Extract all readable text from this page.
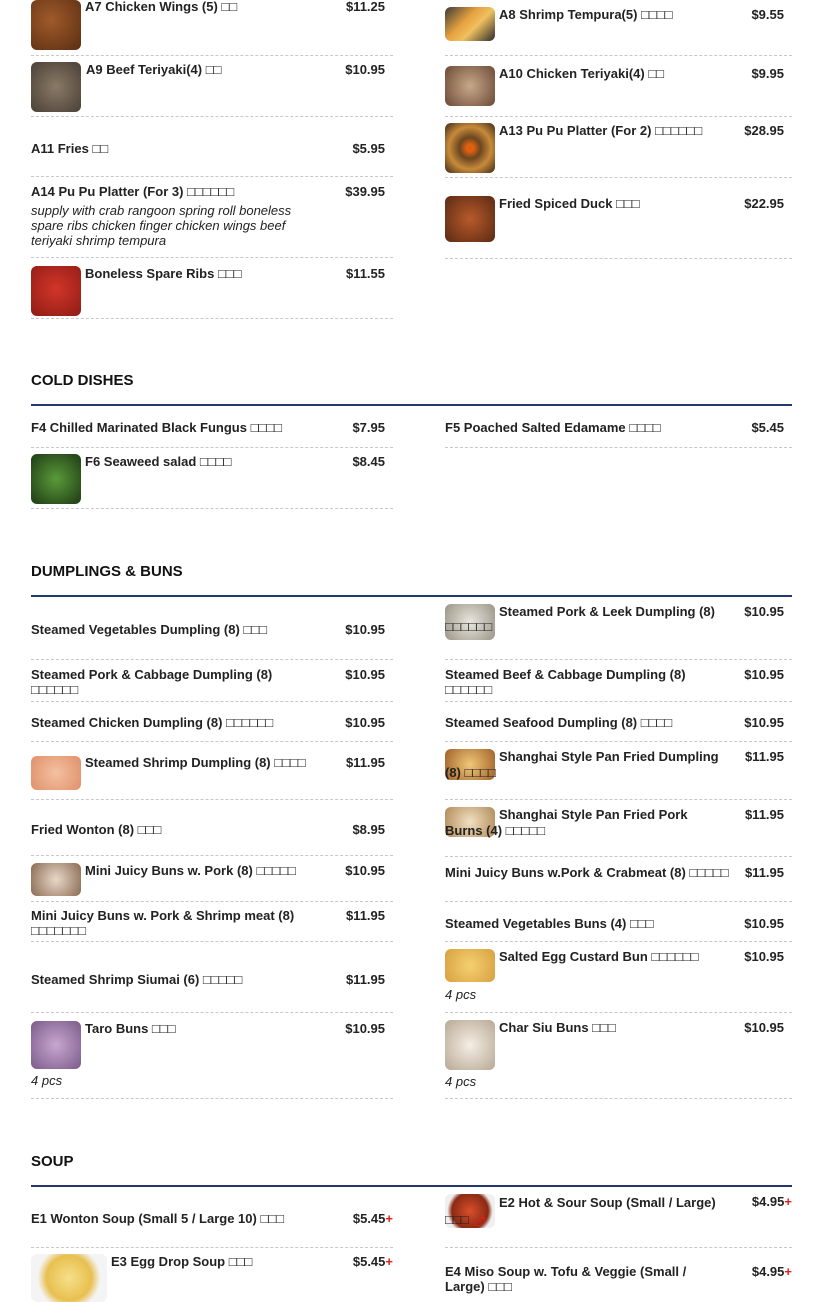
A7 Chicken Wings (5) □□	$11.25
A9 Beef Teriyaki(4) □□	$10.95
A11 Fries □□	$5.95
A14 Pu Pu Platter (For 3) □□□□□□	$39.95
supply with crab rangoon spring roll boneless spare ribs chicken finger chicken wings beef teriyaki shrimp tempura
Boneless Spare Ribs □□□	$11.55
A8 Shrimp Tempura(5) □□□□	$9.55
A10 Chicken Teriyaki(4) □□	$9.95
A13 Pu Pu Platter (For 2) □□□□□□	$28.95
Fried Spiced Duck □□□	$22.95
COLD DISHES
F4 Chilled Marinated Black Fungus □□□□	$7.95
F6 Seaweed salad □□□□	$8.45
F5 Poached Salted Edamame □□□□	$5.45
DUMPLINGS & BUNS
Steamed Vegetables Dumpling (8) □□□	$10.95
Steamed Pork & Cabbage Dumpling (8) □□□□□□
$10.95
Steamed Chicken Dumpling (8) □□□□□□	$10.95
Steamed Shrimp Dumpling (8) □□□□	$11.95
Fried Wonton (8) □□□	$8.95
Mini Juicy Buns w. Pork (8) □□□□□	$10.95
Mini Juicy Buns w. Pork & Shrimp meat (8) □□□□□□□
$11.95
Steamed Shrimp Siumai (6) □□□□□	$11.95
Taro Buns □□□	$10.95
4 pcs
Steamed Pork & Leek Dumpling (8) □□□□□□
$10.95
Steamed Beef & Cabbage Dumpling (8) □□□□□□
$10.95
Steamed Seafood Dumpling (8) □□□□	$10.95
Shanghai Style Pan Fried Dumpling (8) □□□□
$11.95
Shanghai Style Pan Fried Pork Burns (4) □□□□□
$11.95
Mini Juicy Buns w.Pork & Crabmeat (8) □□□□□ $11.95
Steamed Vegetables Buns (4) □□□	$10.95
Salted Egg Custard Bun □□□□□□	$10.95
4 pcs
Char Siu Buns □□□	$10.95
4 pcs
SOUP
E1 Wonton Soup (Small 5 / Large 10) □□□	$5.45+
E3 Egg Drop Soup □□□	$5.45+
E2 Hot & Sour Soup (Small / Large) □□□ 🌶
$4.95+
E4 Miso Soup w. Tofu & Veggie (Small / Large) □□□
$4.95+
